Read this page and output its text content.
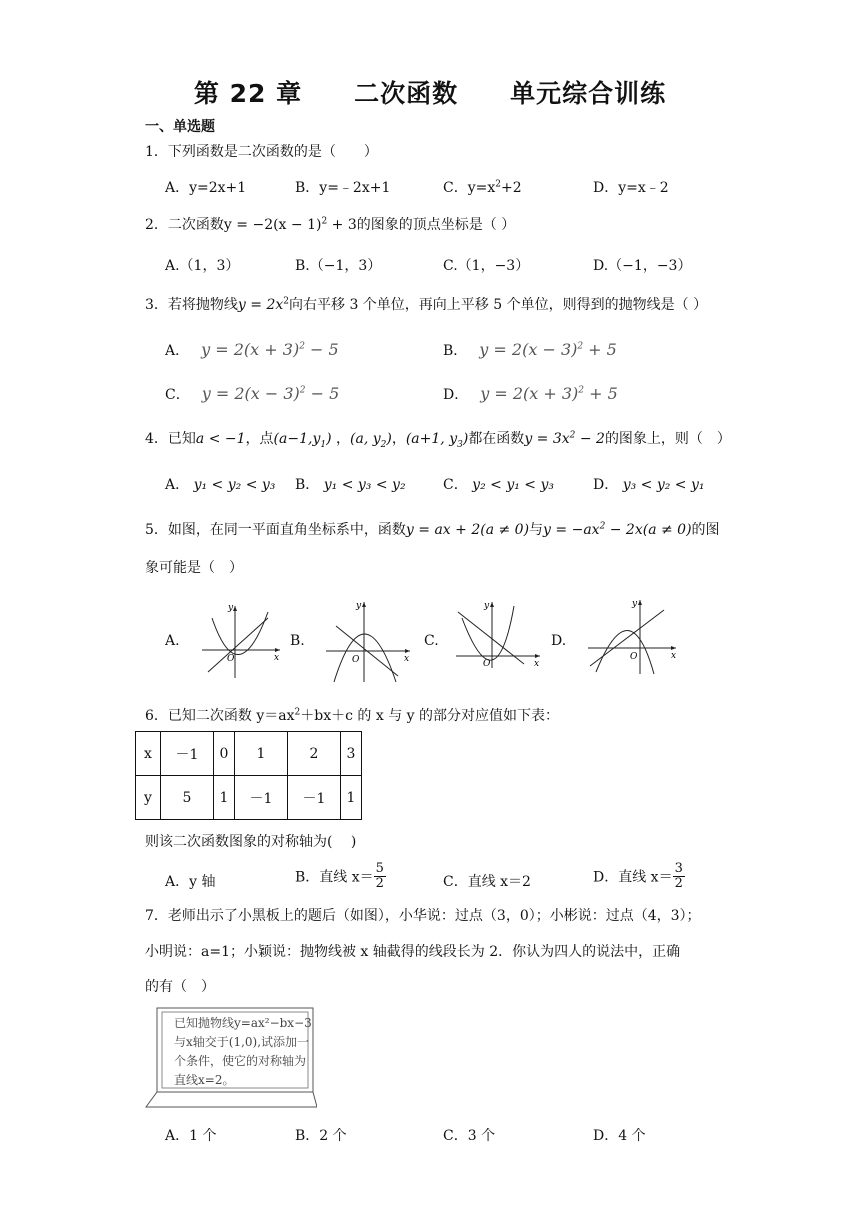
第 22 章 二次函数 单元综合训练
一、单选题
1．下列函数是二次函数的是（　　）
A．y=2x+1	B．y=﹣2x+1	C．$y=x^2+2$	D．y=x﹣2
2．二次函数$y = -2(x - 1)^2 + 3$的图象的顶点坐标是（ ）
A.（1，3）	B.（−1，3）	C.（1，−3）	D.（−1，−3）
3．若将抛物线$y = 2x^2$向右平移 3 个单位，再向上平移 5 个单位，则得到的抛物线是（ ）
A． $y = 2(x + 3)^2 - 5$	B． $y = 2(x - 3)^2 + 5$
C． $y = 2(x - 3)^2 - 5$	D． $y = 2(x + 3)^2 + 5$
4．已知a < −1，点$(a-1,y_1)$ ，(a, $y_2$)，(a+1, $y_3$)都在函数$y = 3x^2 - 2$的图象上，则（　）
A． y₁ < y₂ < y₃ B． y₁ < y₃ < y₂	C． y₂ < y₁ < y₃	D． y₃ < y₂ < y₁
5．如图，在同一平面直角坐标系中，函数y = ax + 2(a ≠ 0)与$y = -ax^2 - 2x(a \ne 0)$的图
象可能是（　）
A.	B.	C.	D.
y
x
O
y
x
O
y
x
O
y
x
O
6．已知二次函数 $y=ax^2+bx+c$ 的 x 与 y 的部分对应值如下表：
x	－1	0	1	2	3
y	5	1	－1	－1	1
则该二次函数图象的对称轴为(　 )
A．y 轴	B．直线 $x= \frac{5}{2}$	C．直线 x＝2	D．直线 $x= \frac{3}{2}$
7．老师出示了小黑板上的题后（如图），小华说：过点（3，0）；小彬说：过点（4，3）；
小明说：a=1；小颖说：抛物线被 x 轴截得的线段长为 2．你认为四人的说法中，正确
的有（　）
已知抛物线y=ax²−bx−3与x轴交于(1,0),试添加一个条件，使它的对称轴为直线x=2。
A．1 个	B．2 个	C．3 个	D．4 个
